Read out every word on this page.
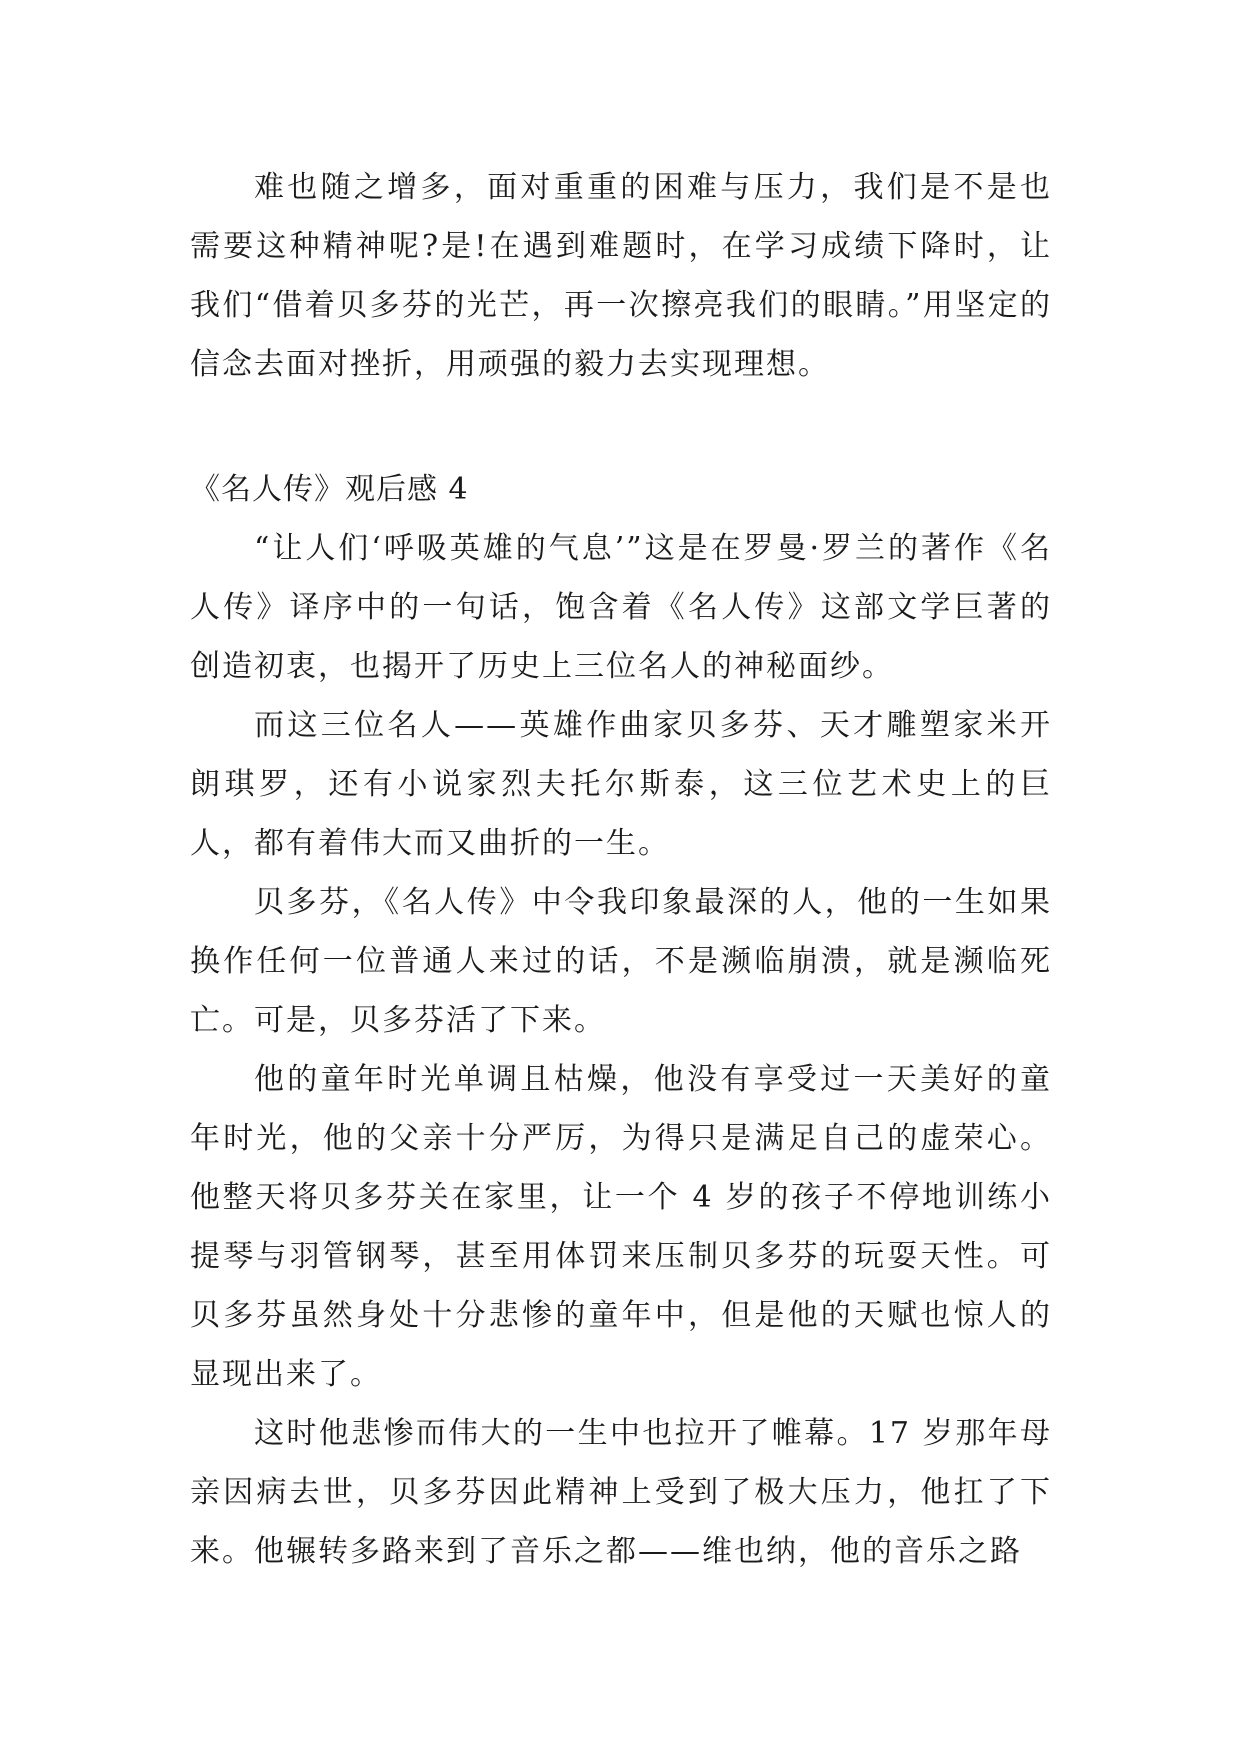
难也随之增多，面对重重的困难与压力，我们是不是也需要这种精神呢?是!在遇到难题时，在学习成绩下降时，让我们“借着贝多芬的光芒，再一次擦亮我们的眼睛。”用坚定的信念去面对挫折，用顽强的毅力去实现理想。

《名人传》观后感 4

“让人们‘呼吸英雄的气息’”这是在罗曼·罗兰的著作《名人传》译序中的一句话，饱含着《名人传》这部文学巨著的创造初衷，也揭开了历史上三位名人的神秘面纱。

而这三位名人——英雄作曲家贝多芬、天才雕塑家米开朗琪罗，还有小说家烈夫托尔斯泰，这三位艺术史上的巨人，都有着伟大而又曲折的一生。

贝多芬，《名人传》中令我印象最深的人，他的一生如果换作任何一位普通人来过的话，不是濒临崩溃，就是濒临死亡。可是，贝多芬活了下来。

他的童年时光单调且枯燥，他没有享受过一天美好的童年时光，他的父亲十分严厉，为得只是满足自己的虚荣心。他整天将贝多芬关在家里，让一个 4 岁的孩子不停地训练小提琴与羽管钢琴，甚至用体罚来压制贝多芬的玩耍天性。可贝多芬虽然身处十分悲惨的童年中，但是他的天赋也惊人的显现出来了。

这时他悲惨而伟大的一生中也拉开了帷幕。17 岁那年母亲因病去世，贝多芬因此精神上受到了极大压力，他扛了下来。他辗转多路来到了音乐之都——维也纳，他的音乐之路
